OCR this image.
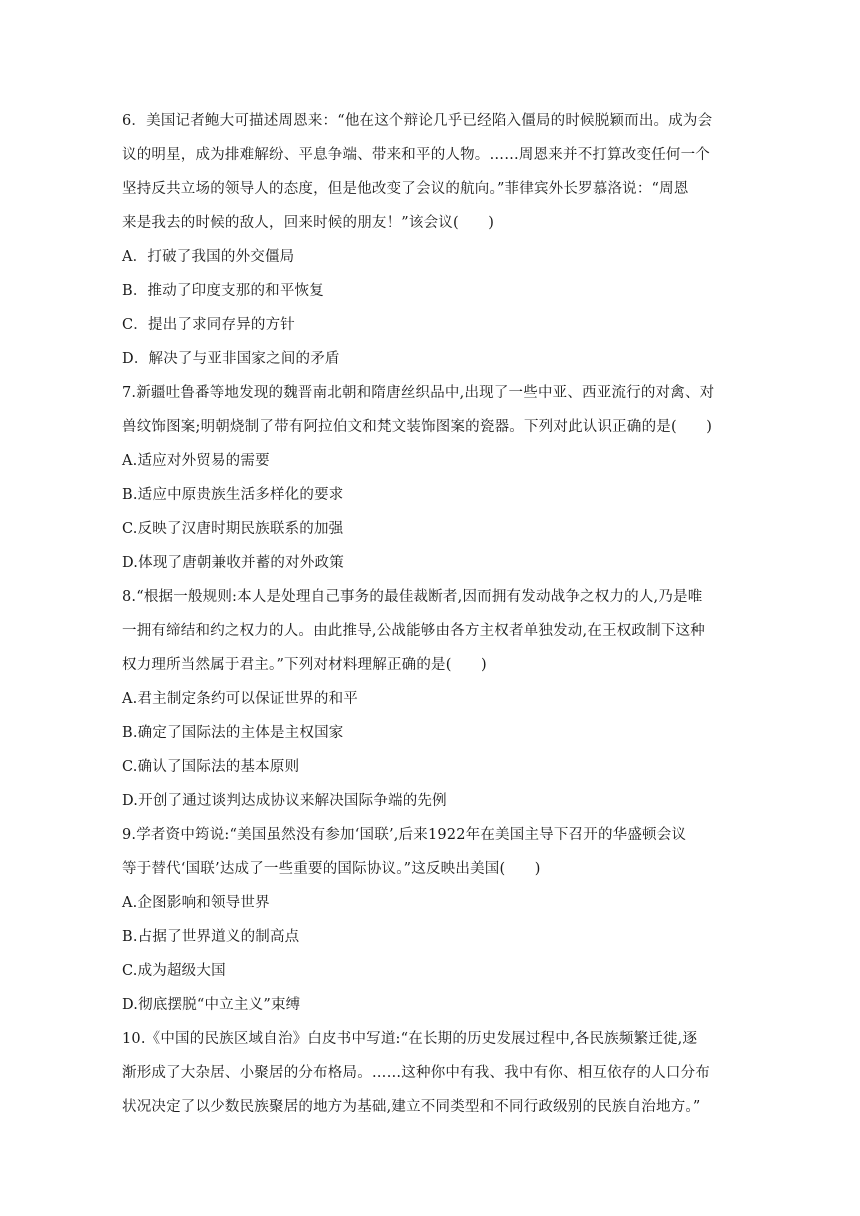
6．美国记者鲍大可描述周恩来：“他在这个辩论几乎已经陷入僵局的时候脱颖而出。成为会

议的明星，成为排难解纷、平息争端、带来和平的人物。……周恩来并不打算改变任何一个

坚持反共立场的领导人的态度，但是他改变了会议的航向。”菲律宾外长罗慕洛说：“周恩

来是我去的时候的敌人，回来时候的朋友！”该会议(　　)

A．打破了我国的外交僵局
B．推动了印度支那的和平恢复
C．提出了求同存异的方针
D．解决了与亚非国家之间的矛盾

7.新疆吐鲁番等地发现的魏晋南北朝和隋唐丝织品中,出现了一些中亚、西亚流行的对禽、对

兽纹饰图案;明朝烧制了带有阿拉伯文和梵文装饰图案的瓷器。下列对此认识正确的是(　　)

A.适应对外贸易的需要
B.适应中原贵族生活多样化的要求
C.反映了汉唐时期民族联系的加强
D.体现了唐朝兼收并蓄的对外政策

8.“根据一般规则:本人是处理自己事务的最佳裁断者,因而拥有发动战争之权力的人,乃是唯

一拥有缔结和约之权力的人。由此推导,公战能够由各方主权者单独发动,在王权政制下这种

权力理所当然属于君主。”下列对材料理解正确的是(　　)

A.君主制定条约可以保证世界的和平
B.确定了国际法的主体是主权国家
C.确认了国际法的基本原则
D.开创了通过谈判达成协议来解决国际争端的先例

9.学者资中筠说:“美国虽然没有参加‘国联’,后来1922年在美国主导下召开的华盛顿会议

等于替代‘国联’达成了一些重要的国际协议。”这反映出美国(　　)

A.企图影响和领导世界
B.占据了世界道义的制高点
C.成为超级大国
D.彻底摆脱“中立主义”束缚

10.《中国的民族区域自治》白皮书中写道:“在长期的历史发展过程中,各民族频繁迁徙,逐

渐形成了大杂居、小聚居的分布格局。……这种你中有我、我中有你、相互依存的人口分布

状况决定了以少数民族聚居的地方为基础,建立不同类型和不同行政级别的民族自治地方。”
